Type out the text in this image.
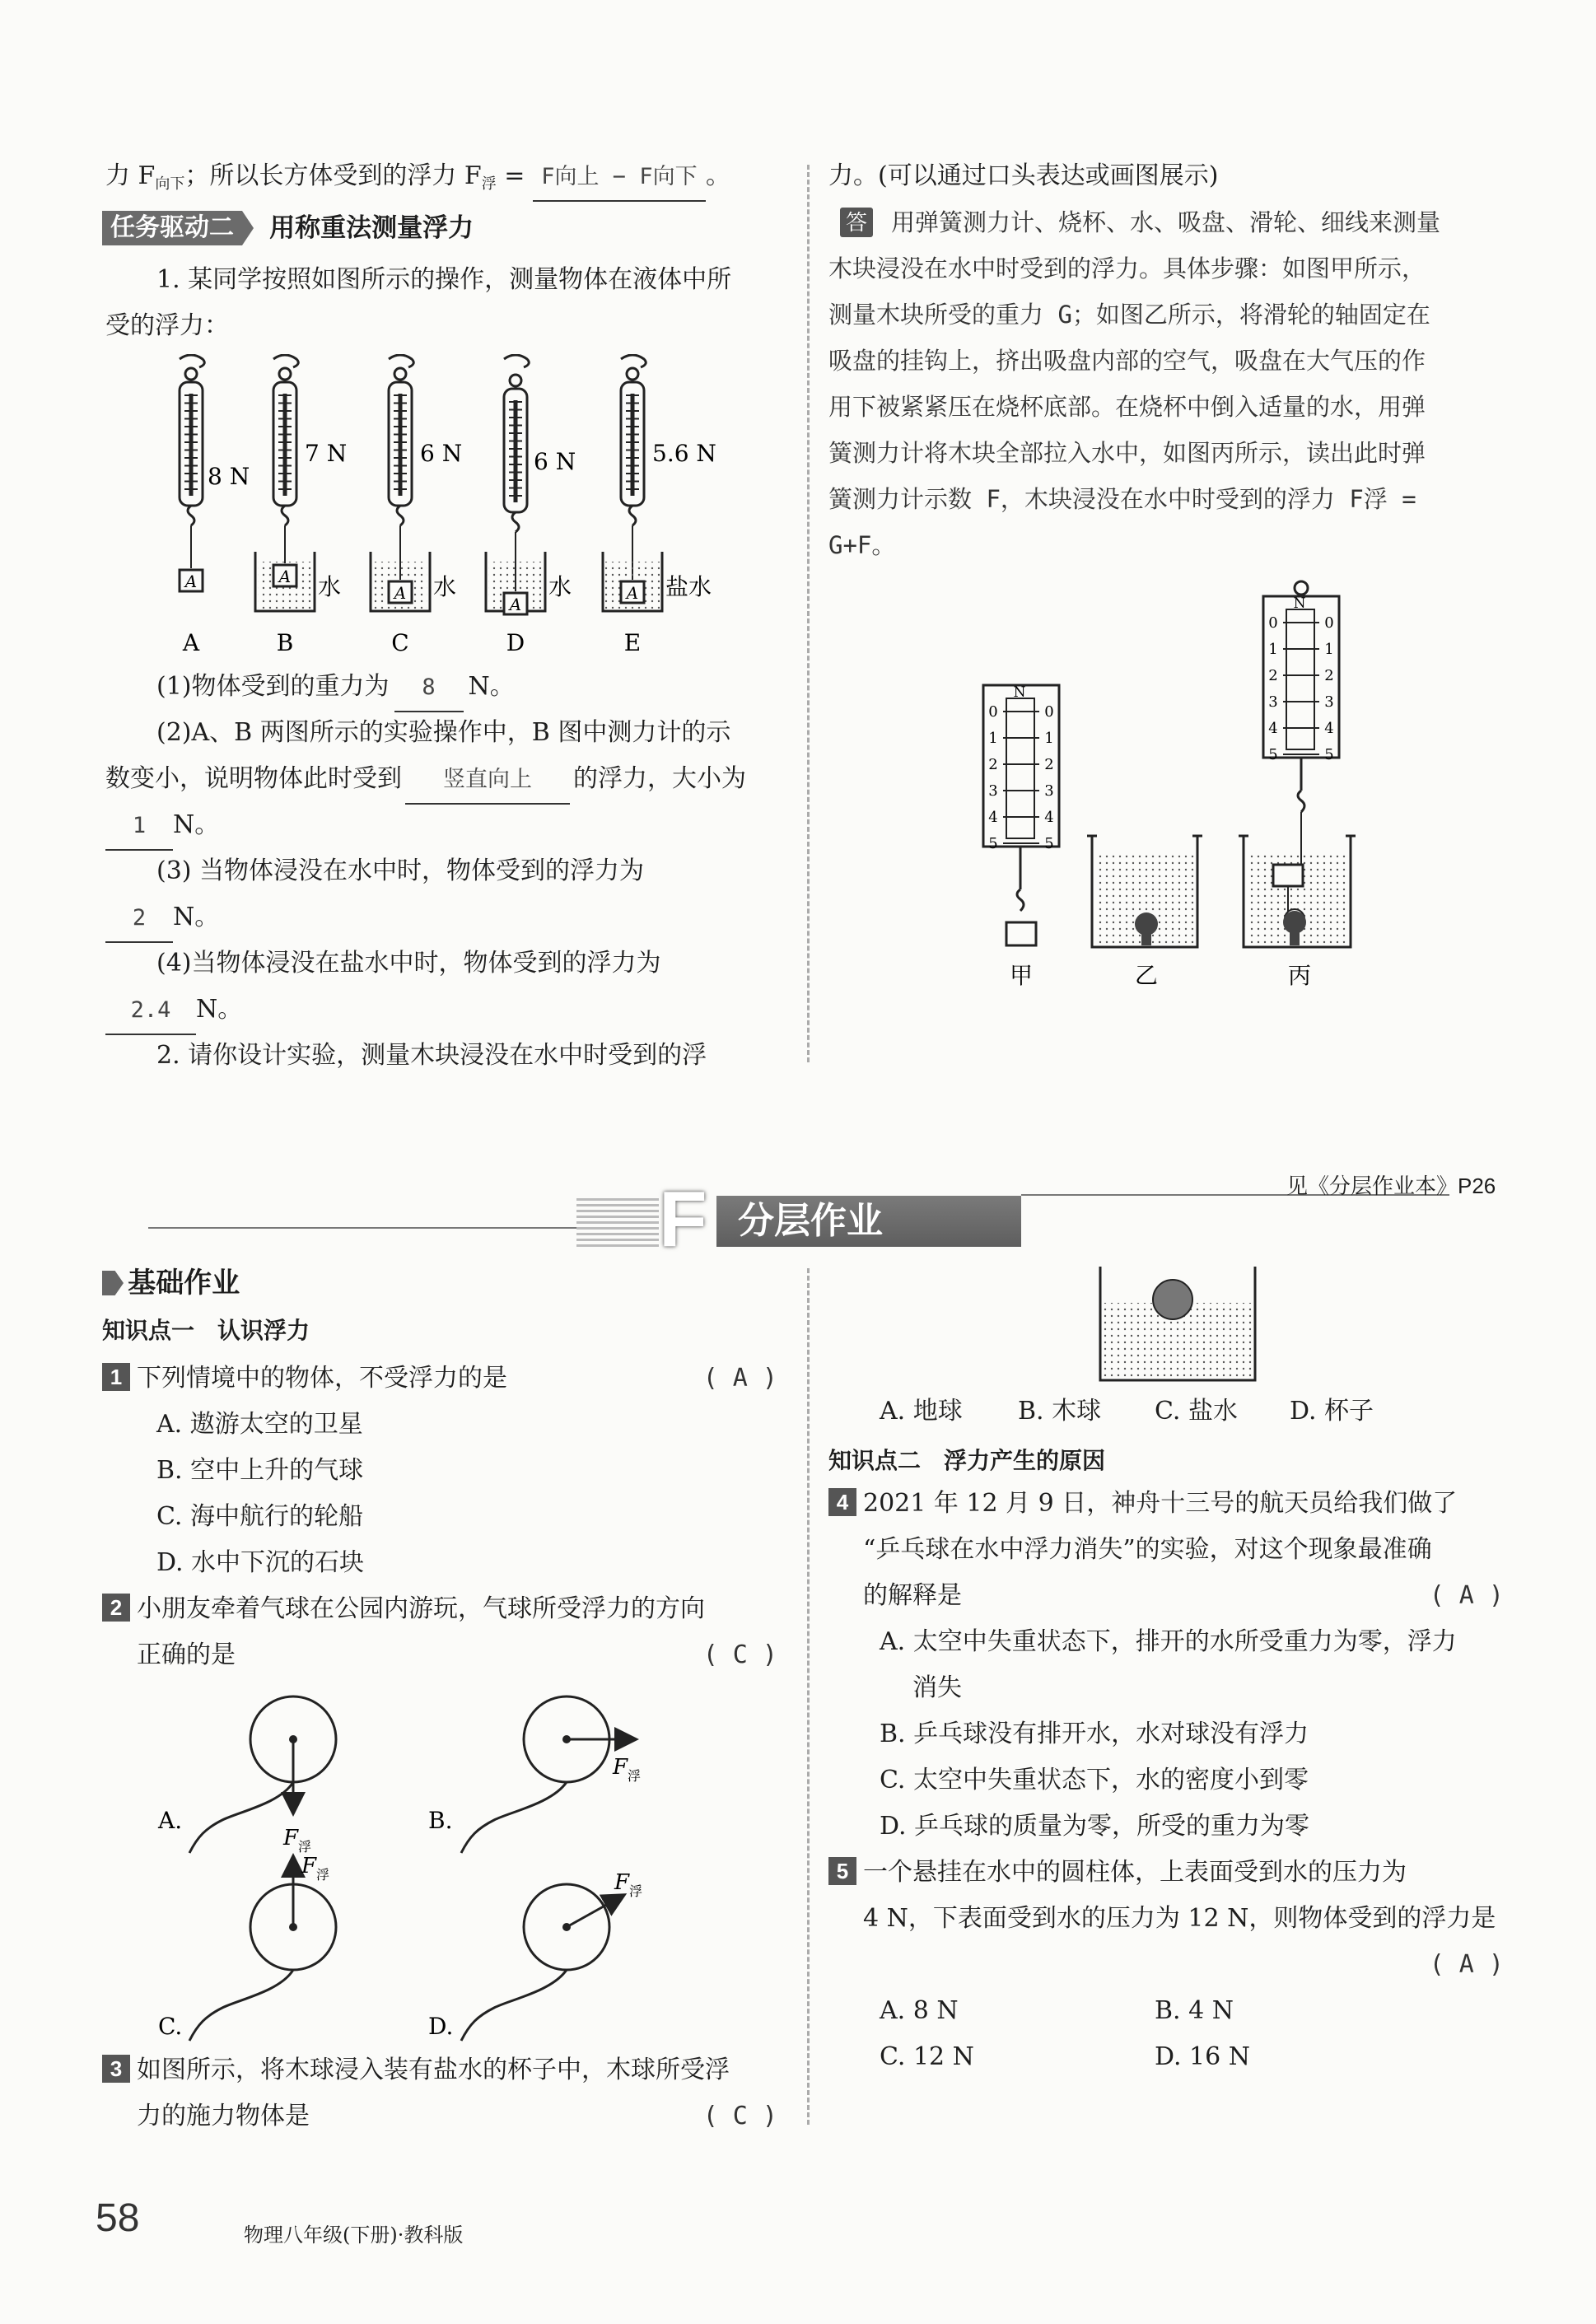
力 $F_{向下}$；所以长方体受到的浮力 $F_浮 = F$向上 − F向下 。
任务驱动二 用称重法测量浮力
1. 某同学按照如图所示的操作，测量物体在液体中所
受的浮力：
A	A
A
A
A
A	B	C	D	E
8 N
7 N	6 N	6 N	5.6 N
水	水	水	盐水
(1)物体受到的重力为 8 N。
(2)A、B 两图所示的实验操作中，B 图中测力计的示
数变小，说明物体此时受到 竖直向上 的浮力，大小为
1 N。
(3) 当物体浸没在水中时，物体受到的浮力为
2 N。
(4)当物体浸没在盐水中时，物体受到的浮力为
2.4 N。
2. 请你设计实验，测量木块浸没在水中时受到的浮
力。(可以通过口头表达或画图展示)
答 用弹簧测力计、烧杯、水、吸盘、滑轮、细线来测量
木块浸没在水中时受到的浮力。具体步骤：如图甲所示，
测量木块所受的重力 G；如图乙所示，将滑轮的轴固定在
吸盘的挂钩上，挤出吸盘内部的空气，吸盘在大气压的作
用下被紧紧压在烧杯底部。在烧杯中倒入适量的水，用弹
簧测力计将木块全部拉入水中，如图丙所示，读出此时弹
簧测力计示数 F，木块浸没在水中时受到的浮力 F浮 =
G+F。
N
0	0
1	1
2	2
3	3
4	4
5	5
N
0	0
1	1
2	2
3	3
4	4
5	5
甲	乙	丙
F 分层作业
见《分层作业本》P26
基础作业
知识点一　认识浮力
1 下列情境中的物体，不受浮力的是	( A )
A. 遨游太空的卫星
B. 空中上升的气球
C. 海中航行的轮船
D. 水中下沉的石块
2 小朋友牵着气球在公园内游玩，气球所受浮力的方向
正确的是	( C )
F 浮
A.
F 浮
B.
F 浮
C.
F 浮
D.
3 如图所示，将木球浸入装有盐水的杯子中，木球所受浮
力的施力物体是	( C )
A. 地球 B. 木球 C. 盐水 D. 杯子
知识点二　浮力产生的原因
4 2021 年 12 月 9 日，神舟十三号的航天员给我们做了
“乒乓球在水中浮力消失”的实验，对这个现象最准确
的解释是	( A )
A. 太空中失重状态下，排开的水所受重力为零，浮力
消失
B. 乒乓球没有排开水，水对球没有浮力
C. 太空中失重状态下，水的密度小到零
D. 乒乓球的质量为零，所受的重力为零
5 一个悬挂在水中的圆柱体，上表面受到水的压力为
4 N，下表面受到水的压力为 12 N，则物体受到的浮力是
( A )
A. 8 N	B. 4 N
C. 12 N	D. 16 N
58	物理八年级(下册)·教科版
